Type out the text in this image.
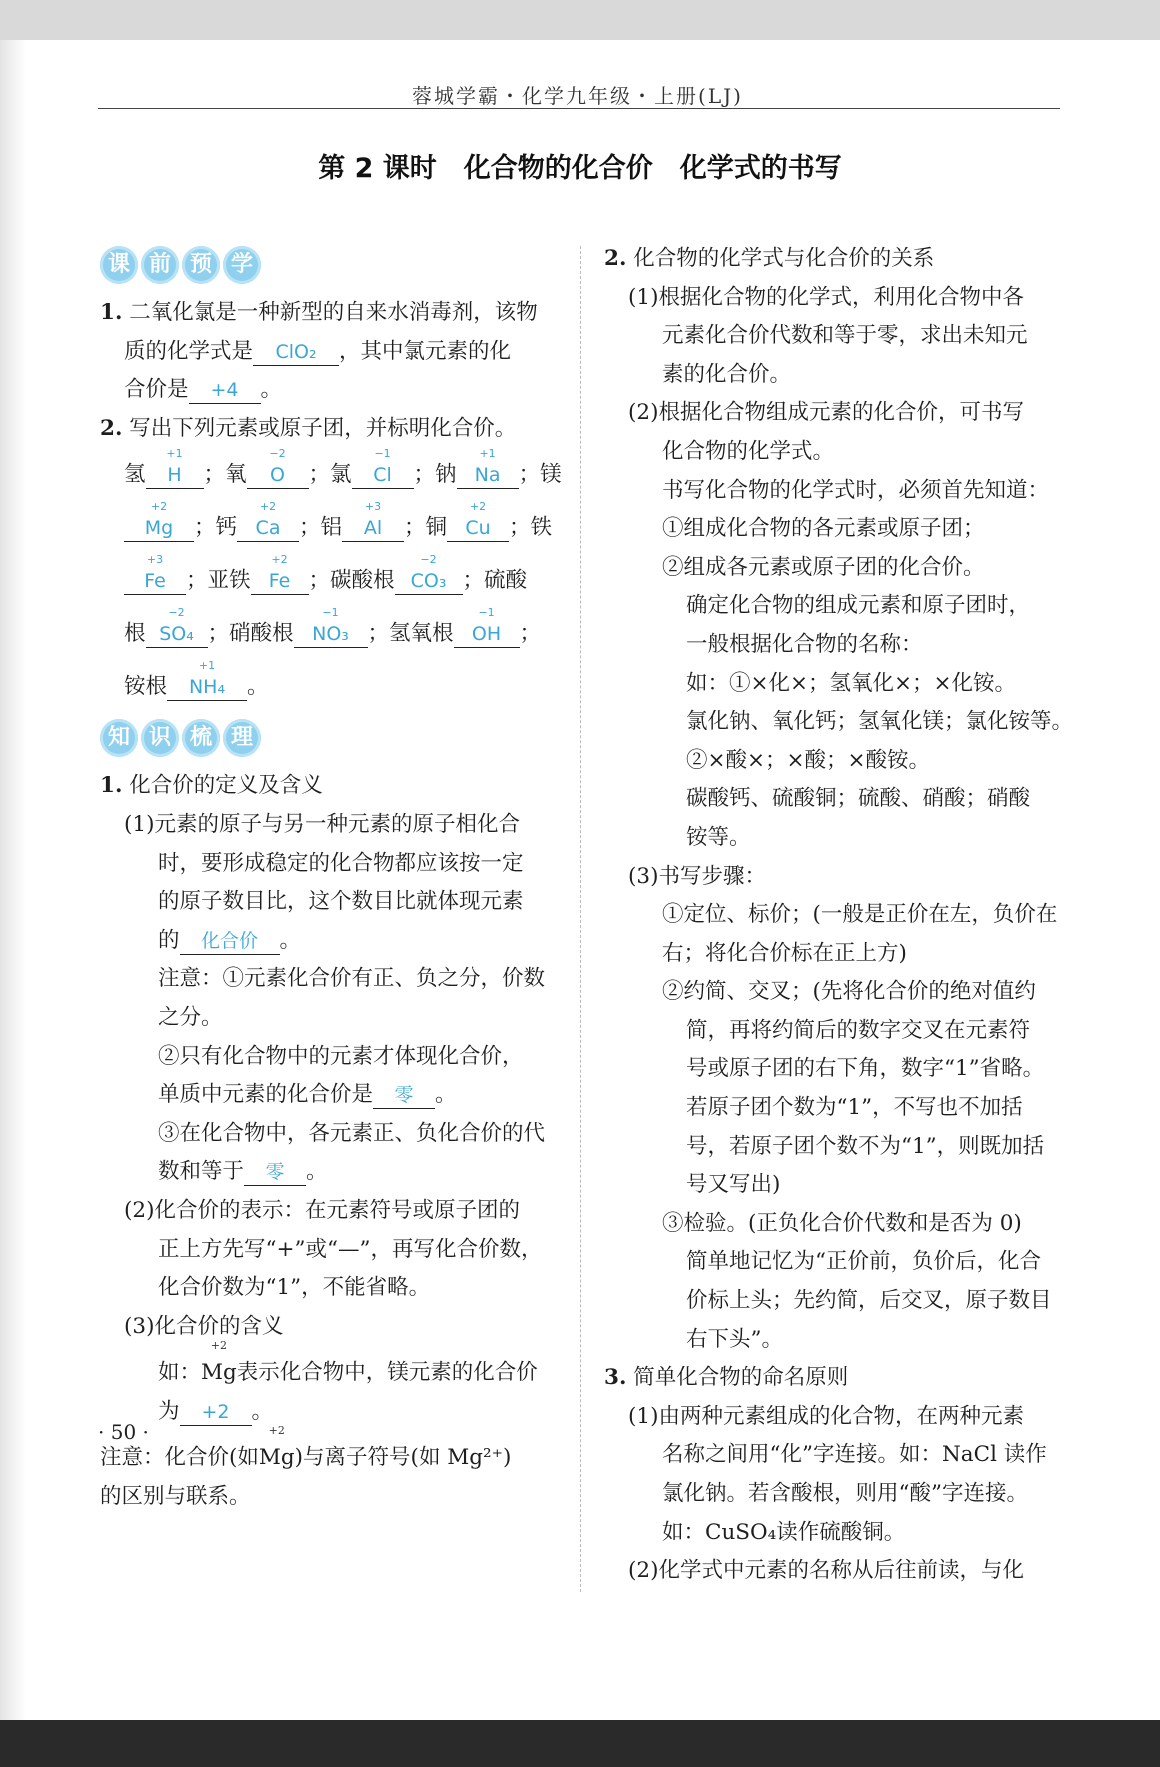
蓉城学霸・化学九年级・上册(LJ)
第 2 课时　化合物的化合价　化学式的书写
课 前 预 学

1. 二氧化氯是一种新型的自来水消毒剂，该物

质的化学式是 ClO₂ ，其中氯元素的化

合价是 +4 。

2. 写出下列元素或原子团，并标明化合价。

氢
+1
H ；氧
−2
O ；氯
−1
Cl ；钠
+1
Na ；镁
+2
Mg ；钙
+2
Ca ；铝
+3
Al ；铜
+2
Cu ；铁
+3
Fe ；亚铁
+2
Fe ；碳酸根
−2
CO₃ ；硫酸
根
−2
SO₄ ；硝酸根
−1
NO₃ ；氢氧根
−1
OH ；
铵根
+1
NH₄ 。
知 识 梳 理

1. 化合价的定义及含义

(1)元素的原子与另一种元素的原子相化合

时，要形成稳定的化合物都应该按一定

的原子数目比，这个数目比就体现元素

的 化合价 。

注意：①元素化合价有正、负之分，价数

之分。

②只有化合物中的元素才体现化合价，

单质中元素的化合价是 零 。

③在化合物中，各元素正、负化合价的代

数和等于 零 。

(2)化合价的表示：在元素符号或原子团的

正上方先写“+”或“—”，再写化合价数，

化合价数为“1”，不能省略。

(3)化合价的含义

如：
+2
Mg表示化合物中，镁元素的化合价

为 +2 。

注意：化合价(如
+2
Mg)与离子符号(如 Mg²⁺)

的区别与联系。

2. 化合物的化学式与化合价的关系

(1)根据化合物的化学式，利用化合物中各

元素化合价代数和等于零，求出未知元

素的化合价。

(2)根据化合物组成元素的化合价，可书写

化合物的化学式。

书写化合物的化学式时，必须首先知道：

①组成化合物的各元素或原子团；

②组成各元素或原子团的化合价。

确定化合物的组成元素和原子团时，

一般根据化合物的名称：

如：①×化×；氢氧化×；×化铵。

氯化钠、氧化钙；氢氧化镁；氯化铵等。

②×酸×；×酸；×酸铵。

碳酸钙、硫酸铜；硫酸、硝酸；硝酸

铵等。

(3)书写步骤：

①定位、标价；(一般是正价在左，负价在

右；将化合价标在正上方)

②约简、交叉；(先将化合价的绝对值约

简，再将约简后的数字交叉在元素符

号或原子团的右下角，数字“1”省略。

若原子团个数为“1”，不写也不加括

号，若原子团个数不为“1”，则既加括

号又写出)

③检验。(正负化合价代数和是否为 0)

简单地记忆为“正价前，负价后，化合

价标上头；先约简，后交叉，原子数目

右下头”。

3. 简单化合物的命名原则

(1)由两种元素组成的化合物，在两种元素

名称之间用“化”字连接。如：NaCl 读作

氯化钠。若含酸根，则用“酸”字连接。

如：CuSO₄读作硫酸铜。

(2)化学式中元素的名称从后往前读，与化

· 50 ·
